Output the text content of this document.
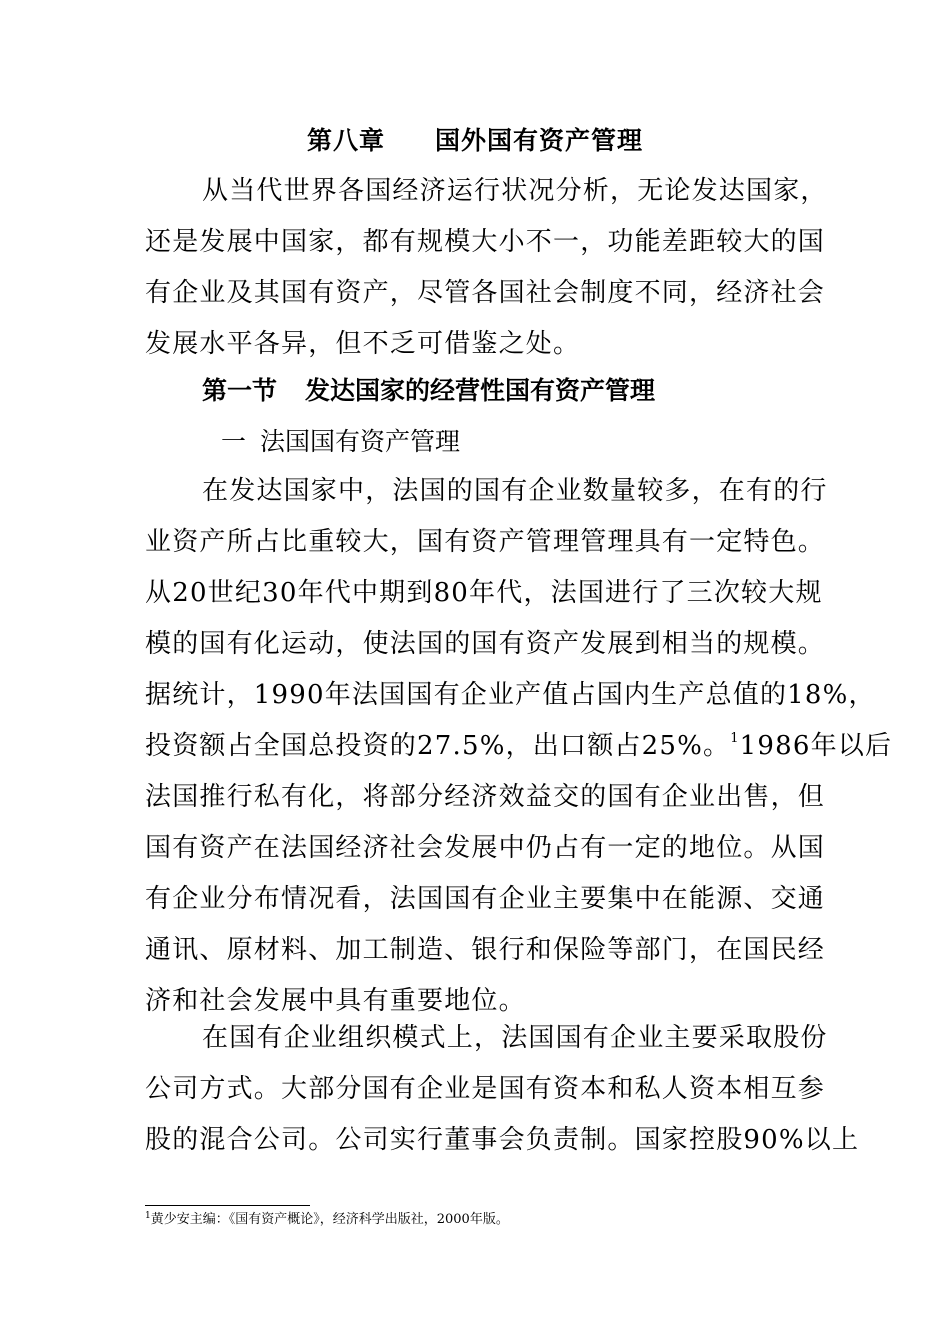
第八章 国外国有资产管理
从当代世界各国经济运行状况分析，无论发达国家，
还是发展中国家，都有规模大小不一，功能差距较大的国
有企业及其国有资产，尽管各国社会制度不同，经济社会
发展水平各异，但不乏可借鉴之处。
第一节 发达国家的经营性国有资产管理
一 法国国有资产管理
在发达国家中，法国的国有企业数量较多，在有的行
业资产所占比重较大，国有资产管理管理具有一定特色。
从20世纪30年代中期到80年代，法国进行了三次较大规
模的国有化运动，使法国的国有资产发展到相当的规模。
据统计，1990年法国国有企业产值占国内生产总值的18%，
投资额占全国总投资的27.5%，出口额占25%。$^1$1986年以后
法国推行私有化，将部分经济效益交的国有企业出售，但
国有资产在法国经济社会发展中仍占有一定的地位。从国
有企业分布情况看，法国国有企业主要集中在能源、交通
通讯、原材料、加工制造、银行和保险等部门，在国民经
济和社会发展中具有重要地位。
在国有企业组织模式上，法国国有企业主要采取股份
公司方式。大部分国有企业是国有资本和私人资本相互参
股的混合公司。公司实行董事会负责制。国家控股90%以上
$^1$黄少安主编：《国有资产概论》，经济科学出版社，2000年版。
